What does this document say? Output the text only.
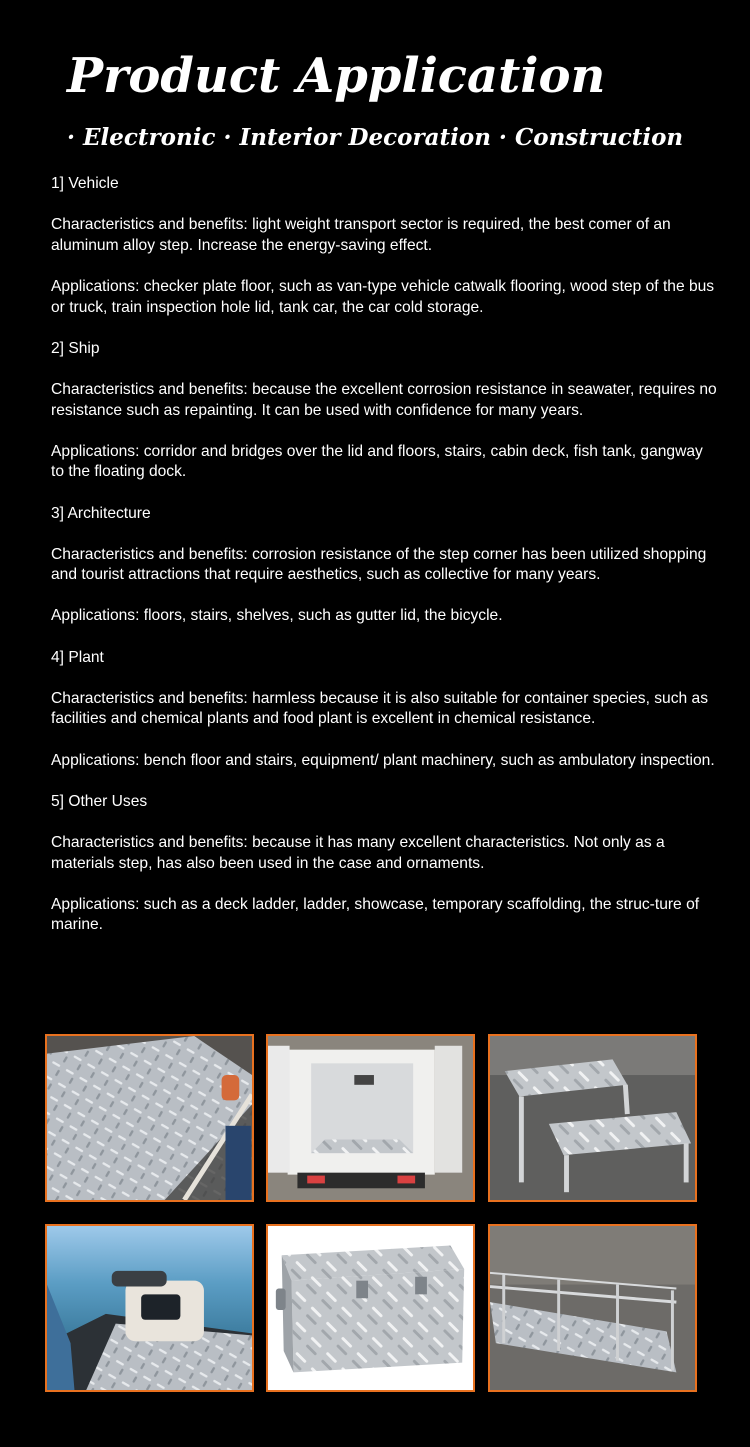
Product Application
· Electronic · Interior Decoration · Construction

1] Vehicle

Characteristics and benefits: light weight transport sector is required, the best comer of an aluminum alloy step. Increase the energy-saving effect.

Applications: checker plate floor, such as van-type vehicle catwalk flooring, wood step of the bus or truck, train inspection hole lid, tank car, the car cold storage.

2] Ship

Characteristics and benefits: because the excellent corrosion resistance in seawater, requires no resistance such as repainting. It can be used with confidence for many years.

Applications: corridor and bridges over the lid and floors, stairs, cabin deck, fish tank, gangway to the floating dock.

3] Architecture

Characteristics and benefits: corrosion resistance of the step corner has been utilized shopping and tourist attractions that require aesthetics, such as collective for many years.

Applications: floors, stairs, shelves, such as gutter lid, the bicycle.

4] Plant

Characteristics and benefits: harmless because it is also suitable for container species, such as facilities and chemical plants and food plant is excellent in chemical resistance.

Applications: bench floor and stairs, equipment/ plant machinery, such as ambulatory inspection.

5] Other Uses

Characteristics and benefits: because it has many excellent characteristics. Not only as a materials step, has also been used in the case and ornaments.

Applications: such as a deck ladder, ladder, showcase, temporary scaffolding, the struc-ture of marine.
